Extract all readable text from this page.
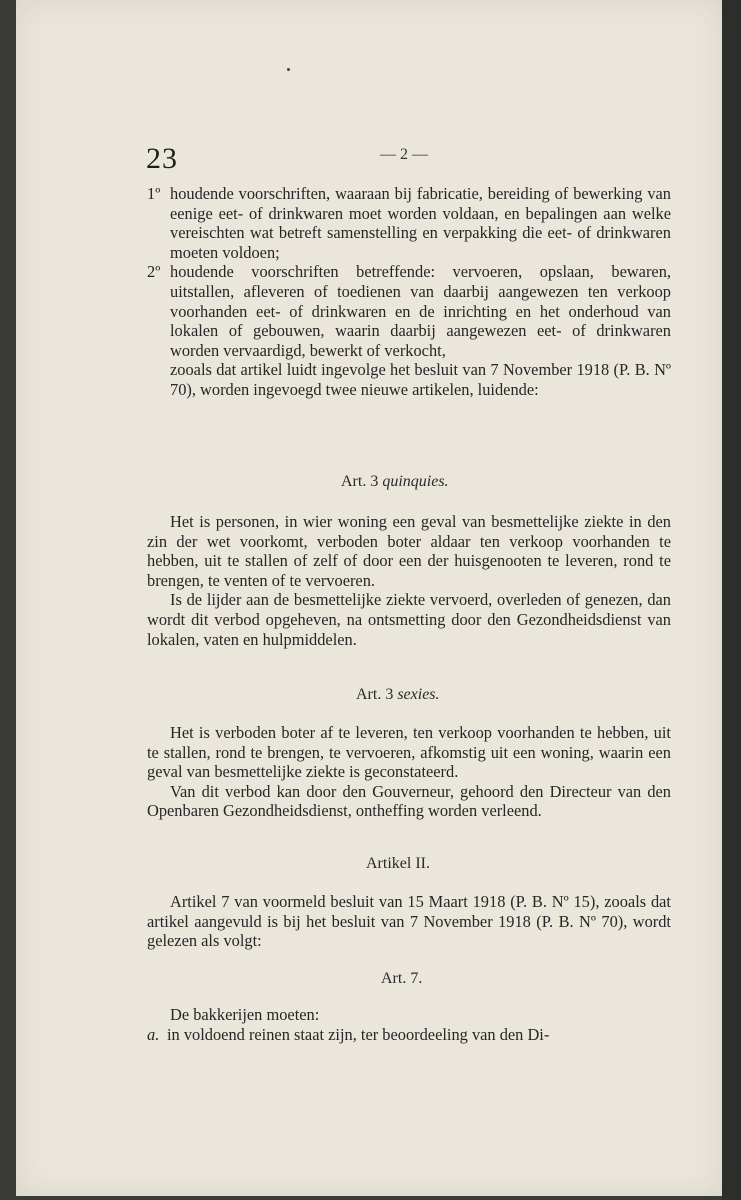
23	— 2 —
1º houdende voorschriften, waaraan bij fabricatie, bereiding of bewerking van eenige eet- of drinkwaren moet worden voldaan, en bepalingen aan welke vereischten wat betreft samenstelling en verpakking die eet- of drinkwaren moeten voldoen;
2º houdende voorschriften betreffende: vervoeren, opslaan, bewaren, uitstallen, afleveren of toedienen van daarbij aangewezen ten verkoop voorhanden eet- of drinkwaren en de inrichting en het onderhoud van lokalen of gebouwen, waarin daarbij aangewezen eet- of drinkwaren worden vervaardigd, bewerkt of verkocht,
zooals dat artikel luidt ingevolge het besluit van 7 November 1918 (P. B. Nº 70), worden ingevoegd twee nieuwe artikelen, luidende:
Art. 3 quinquies.
Het is personen, in wier woning een geval van besmettelijke ziekte in den zin der wet voorkomt, verboden boter aldaar ten verkoop voorhanden te hebben, uit te stallen of zelf of door een der huisgenooten te leveren, rond te brengen, te venten of te vervoeren.
Is de lijder aan de besmettelijke ziekte vervoerd, overleden of genezen, dan wordt dit verbod opgeheven, na ontsmetting door den Gezondheidsdienst van lokalen, vaten en hulpmiddelen.
Art. 3 sexies.
Het is verboden boter af te leveren, ten verkoop voorhanden te hebben, uit te stallen, rond te brengen, te vervoeren, afkomstig uit een woning, waarin een geval van besmettelijke ziekte is geconstateerd.
Van dit verbod kan door den Gouverneur, gehoord den Directeur van den Openbaren Gezondheidsdienst, ontheffing worden verleend.
Artikel II.
Artikel 7 van voormeld besluit van 15 Maart 1918 (P. B. Nº 15), zooals dat artikel aangevuld is bij het besluit van 7 November 1918 (P. B. Nº 70), wordt gelezen als volgt:
Art. 7.
De bakkerijen moeten:
a. in voldoend reinen staat zijn, ter beoordeeling van den Di-
